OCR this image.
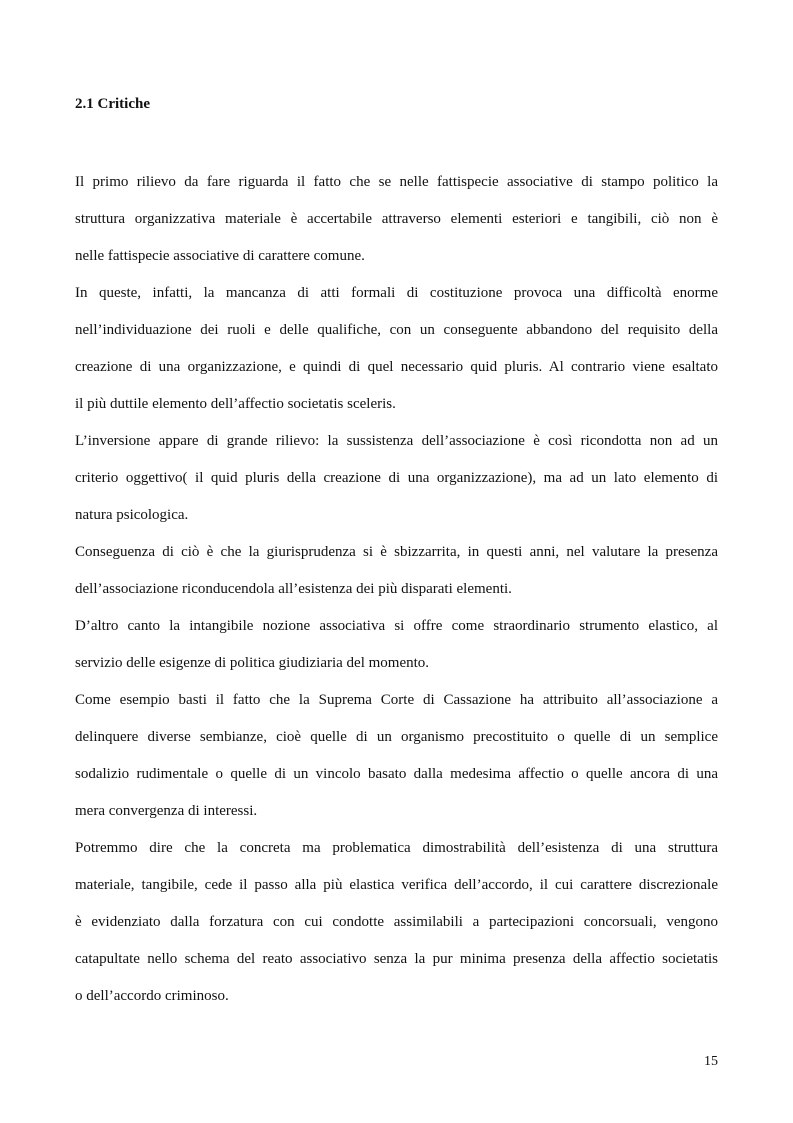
2.1 Critiche

Il primo rilievo da fare riguarda il fatto che se nelle fattispecie associative di stampo politico la
struttura organizzativa materiale è accertabile attraverso elementi esteriori e tangibili, ciò non è
nelle fattispecie associative di carattere comune.

In queste, infatti, la mancanza di atti formali di costituzione provoca una difficoltà enorme
nell’individuazione dei ruoli e delle qualifiche, con un conseguente abbandono del requisito della
creazione di una organizzazione, e quindi di quel necessario quid pluris. Al contrario viene esaltato
il più duttile elemento dell’affectio societatis sceleris.

L’inversione appare di grande rilievo: la sussistenza dell’associazione è così ricondotta non ad un
criterio oggettivo( il quid pluris della creazione di una organizzazione), ma ad un lato elemento di
natura psicologica.

Conseguenza di ciò è che la giurisprudenza si è sbizzarrita, in questi anni, nel valutare la presenza
dell’associazione riconducendola all’esistenza dei più disparati elementi.

D’altro canto la intangibile nozione associativa si offre come straordinario strumento elastico, al
servizio delle esigenze di politica giudiziaria del momento.

Come esempio basti il fatto che la Suprema Corte di Cassazione ha attribuito all’associazione a
delinquere diverse sembianze, cioè quelle di un organismo precostituito o quelle di un semplice
sodalizio rudimentale o quelle di un vincolo basato dalla medesima affectio o quelle ancora di una
mera convergenza di interessi.

Potremmo dire che la concreta ma problematica dimostrabilità dell’esistenza di una struttura
materiale, tangibile, cede il passo alla più elastica verifica dell’accordo, il cui carattere discrezionale
è evidenziato dalla forzatura con cui condotte assimilabili a partecipazioni concorsuali, vengono
catapultate nello schema del reato associativo senza la pur minima presenza della affectio societatis
o dell’accordo criminoso.

15
